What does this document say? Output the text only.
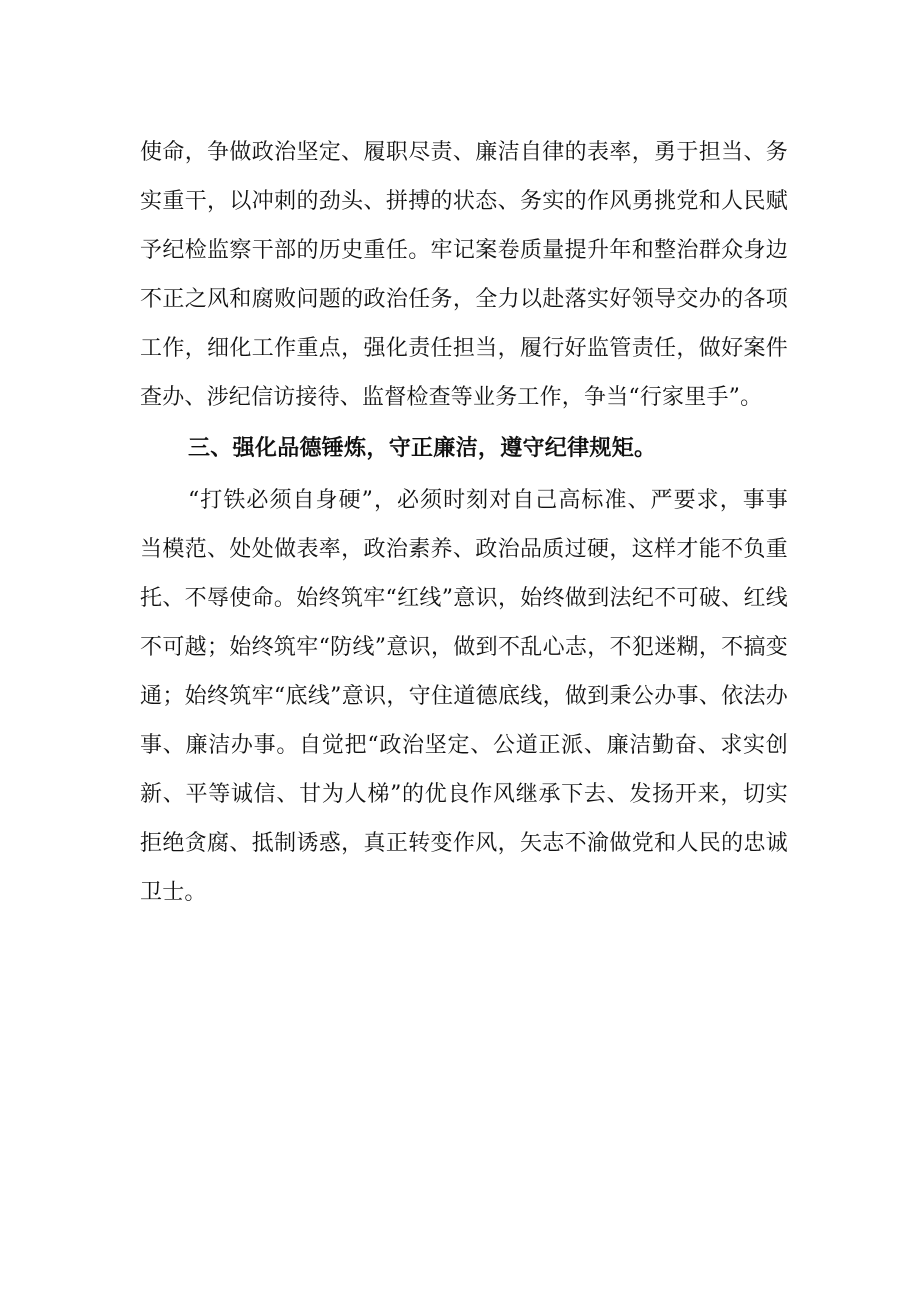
使命，争做政治坚定、履职尽责、廉洁自律的表率，勇于担当、务实重干，以冲刺的劲头、拼搏的状态、务实的作风勇挑党和人民赋予纪检监察干部的历史重任。牢记案卷质量提升年和整治群众身边不正之风和腐败问题的政治任务，全力以赴落实好领导交办的各项工作，细化工作重点，强化责任担当，履行好监管责任，做好案件查办、涉纪信访接待、监督检查等业务工作，争当“行家里手”。

三、强化品德锤炼，守正廉洁，遵守纪律规矩。

“打铁必须自身硬”，必须时刻对自己高标准、严要求，事事当模范、处处做表率，政治素养、政治品质过硬，这样才能不负重托、不辱使命。始终筑牢“红线”意识，始终做到法纪不可破、红线不可越；始终筑牢“防线”意识，做到不乱心志，不犯迷糊，不搞变通；始终筑牢“底线”意识，守住道德底线，做到秉公办事、依法办事、廉洁办事。自觉把“政治坚定、公道正派、廉洁勤奋、求实创新、平等诚信、甘为人梯”的优良作风继承下去、发扬开来，切实拒绝贪腐、抵制诱惑，真正转变作风，矢志不渝做党和人民的忠诚卫士。
